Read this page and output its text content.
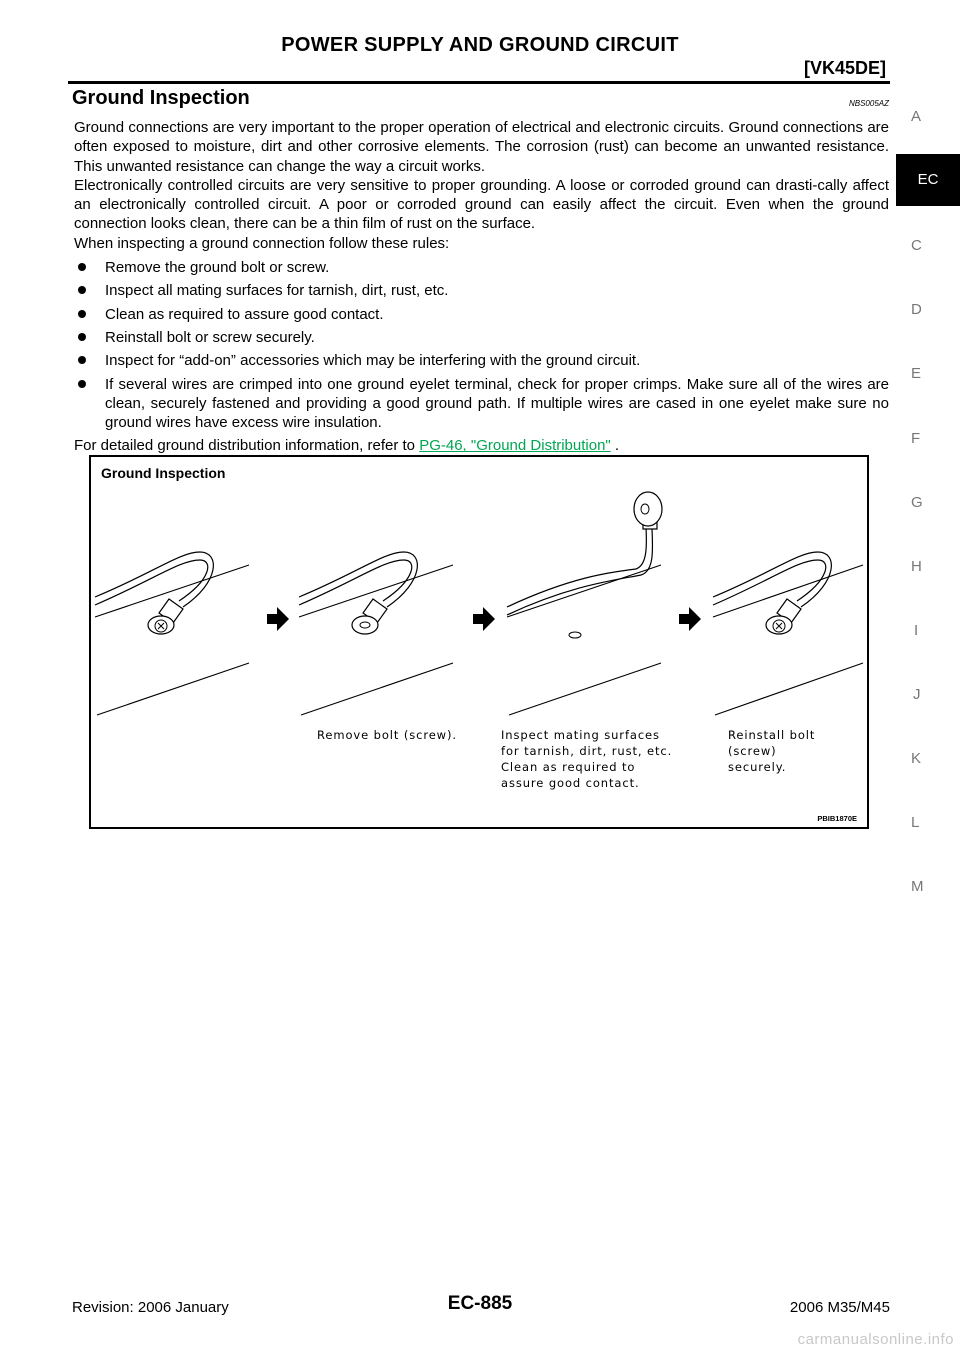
POWER SUPPLY AND GROUND CIRCUIT
[VK45DE]
Ground Inspection	NBS005AZ

Ground connections are very important to the proper operation of electrical and electronic circuits. Ground connections are often exposed to moisture, dirt and other corrosive elements. The corrosion (rust) can become an unwanted resistance. This unwanted resistance can change the way a circuit works.

Electronically controlled circuits are very sensitive to proper grounding. A loose or corroded ground can drasti-cally affect an electronically controlled circuit. A poor or corroded ground can easily affect the circuit. Even when the ground connection looks clean, there can be a thin film of rust on the surface.

When inspecting a ground connection follow these rules:

Remove the ground bolt or screw.
Inspect all mating surfaces for tarnish, dirt, rust, etc.
Clean as required to assure good contact.
Reinstall bolt or screw securely.
Inspect for “add-on” accessories which may be interfering with the ground circuit.
If several wires are crimped into one ground eyelet terminal, check for proper crimps. Make sure all of the wires are clean, securely fastened and providing a good ground path. If multiple wires are cased in one eyelet make sure no ground wires have excess wire insulation.

For detailed ground distribution information, refer to PG-46, "Ground Distribution" .

Ground Inspection
Remove bolt (screw).	Inspect mating surfaces
for tarnish, dirt, rust, etc.
Clean as required to
assure good contact.
Reinstall bolt (screw)
securely.
PBIB1870E
EC
A
C
D
E
F
G
H
I
J
K
L
M
Revision: 2006 January	EC-885	2006 M35/M45
carmanualsonline.info
